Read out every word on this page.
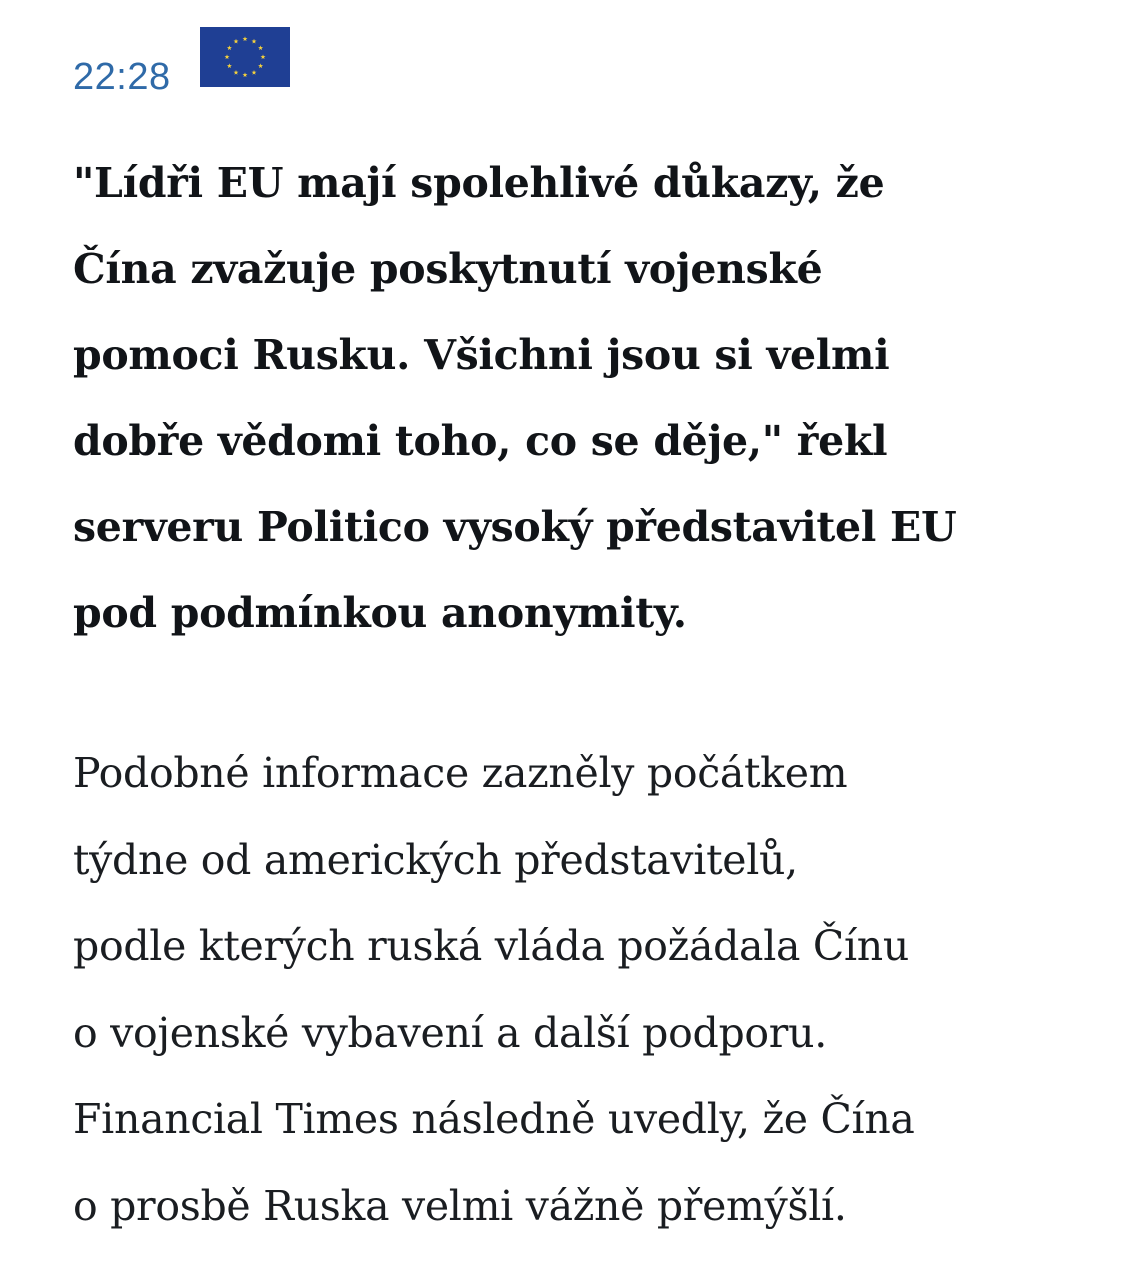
22:28

"Lídři EU mají spolehlivé důkazy, že
Čína zvažuje poskytnutí vojenské
pomoci Rusku. Všichni jsou si velmi
dobře vědomi toho, co se děje," řekl
serveru Politico vysoký představitel EU
pod podmínkou anonymity.

Podobné informace zazněly počátkem
týdne od amerických představitelů,
podle kterých ruská vláda požádala Čínu
o vojenské vybavení a další podporu.
Financial Times následně uvedly, že Čína
o prosbě Ruska velmi vážně přemýšlí.
